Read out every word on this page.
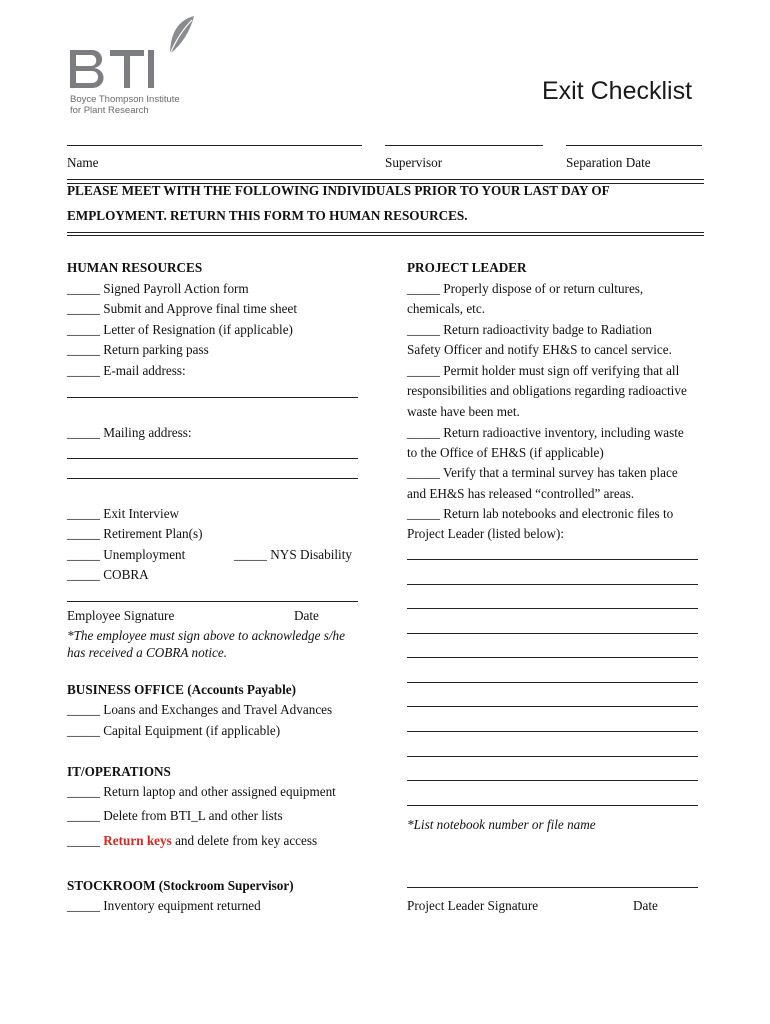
Boyce Thompson Institute
for Plant Research
Exit Checklist
Name	Supervisor	Separation Date
PLEASE MEET WITH THE FOLLOWING INDIVIDUALS PRIOR TO YOUR LAST DAY OF
EMPLOYMENT. RETURN THIS FORM TO HUMAN RESOURCES.
HUMAN RESOURCES
_____ Signed Payroll Action form
_____ Submit and Approve final time sheet
_____ Letter of Resignation (if applicable)
_____ Return parking pass
_____ E-mail address:
_____ Mailing address:
_____ Exit Interview
_____ Retirement Plan(s)
_____ Unemployment	_____ NYS Disability
_____ COBRA
Employee Signature	Date
*The employee must sign above to acknowledge s/he
has received a COBRA notice.
BUSINESS OFFICE (Accounts Payable)
_____ Loans and Exchanges and Travel Advances
_____ Capital Equipment (if applicable)
IT/OPERATIONS
_____ Return laptop and other assigned equipment
_____ Delete from BTI_L and other lists
_____ Return keys and delete from key access
STOCKROOM (Stockroom Supervisor)
_____ Inventory equipment returned
PROJECT LEADER
_____ Properly dispose of or return cultures,
chemicals, etc.
_____ Return radioactivity badge to Radiation
Safety Officer and notify EH&S to cancel service.
_____ Permit holder must sign off verifying that all
responsibilities and obligations regarding radioactive
waste have been met.
_____ Return radioactive inventory, including waste
to the Office of EH&S (if applicable)
_____ Verify that a terminal survey has taken place
and EH&S has released “controlled” areas.
_____ Return lab notebooks and electronic files to
Project Leader (listed below):
*List notebook number or file name
Project Leader Signature	Date
